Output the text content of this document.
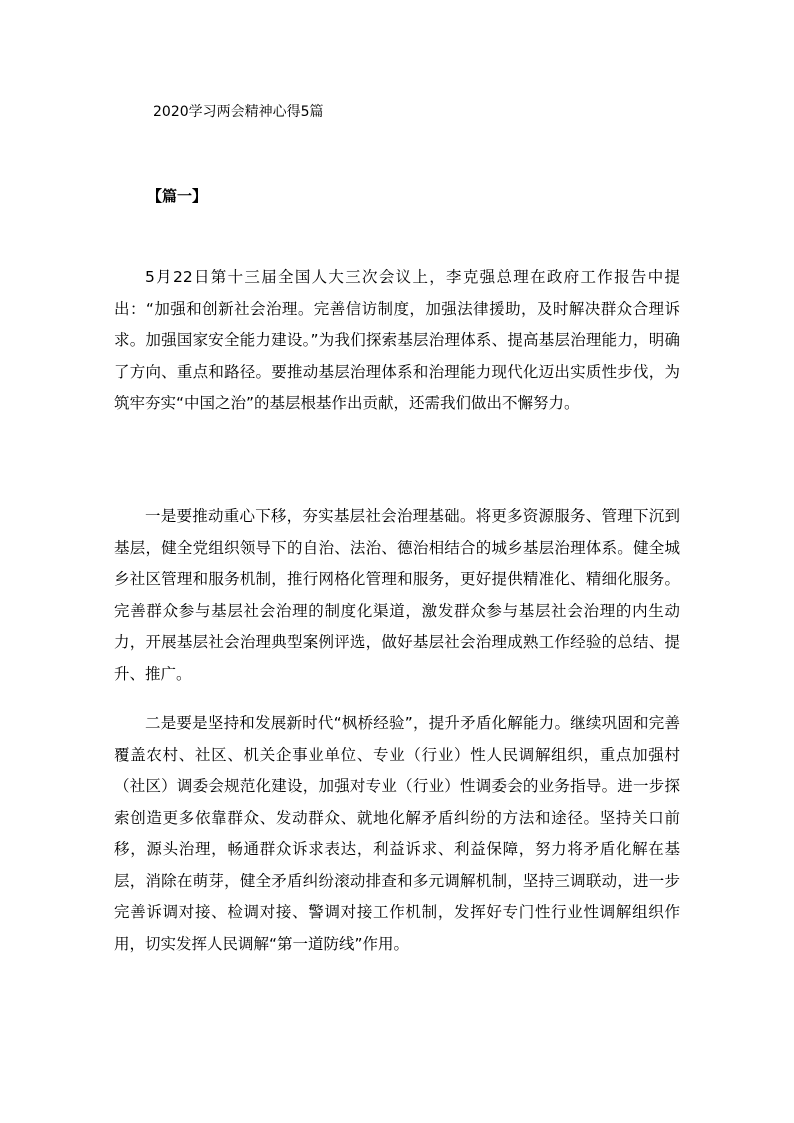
2020学习两会精神心得5篇
【篇一】

5月22日第十三届全国人大三次会议上，李克强总理在政府工作报告中提出：“加强和创新社会治理。完善信访制度，加强法律援助，及时解决群众合理诉求。加强国家安全能力建设。”为我们探索基层治理体系、提高基层治理能力，明确了方向、重点和路径。要推动基层治理体系和治理能力现代化迈出实质性步伐，为筑牢夯实“中国之治”的基层根基作出贡献，还需我们做出不懈努力。

一是要推动重心下移，夯实基层社会治理基础。将更多资源服务、管理下沉到基层，健全党组织领导下的自治、法治、德治相结合的城乡基层治理体系。健全城乡社区管理和服务机制，推行网格化管理和服务，更好提供精准化、精细化服务。完善群众参与基层社会治理的制度化渠道，激发群众参与基层社会治理的内生动力，开展基层社会治理典型案例评选，做好基层社会治理成熟工作经验的总结、提升、推广。

二是要是坚持和发展新时代“枫桥经验”，提升矛盾化解能力。继续巩固和完善覆盖农村、社区、机关企事业单位、专业（行业）性人民调解组织，重点加强村（社区）调委会规范化建设，加强对专业（行业）性调委会的业务指导。进一步探索创造更多依靠群众、发动群众、就地化解矛盾纠纷的方法和途径。坚持关口前移，源头治理，畅通群众诉求表达，利益诉求、利益保障，努力将矛盾化解在基层，消除在萌芽，健全矛盾纠纷滚动排查和多元调解机制，坚持三调联动，进一步完善诉调对接、检调对接、警调对接工作机制，发挥好专门性行业性调解组织作用，切实发挥人民调解“第一道防线”作用。
